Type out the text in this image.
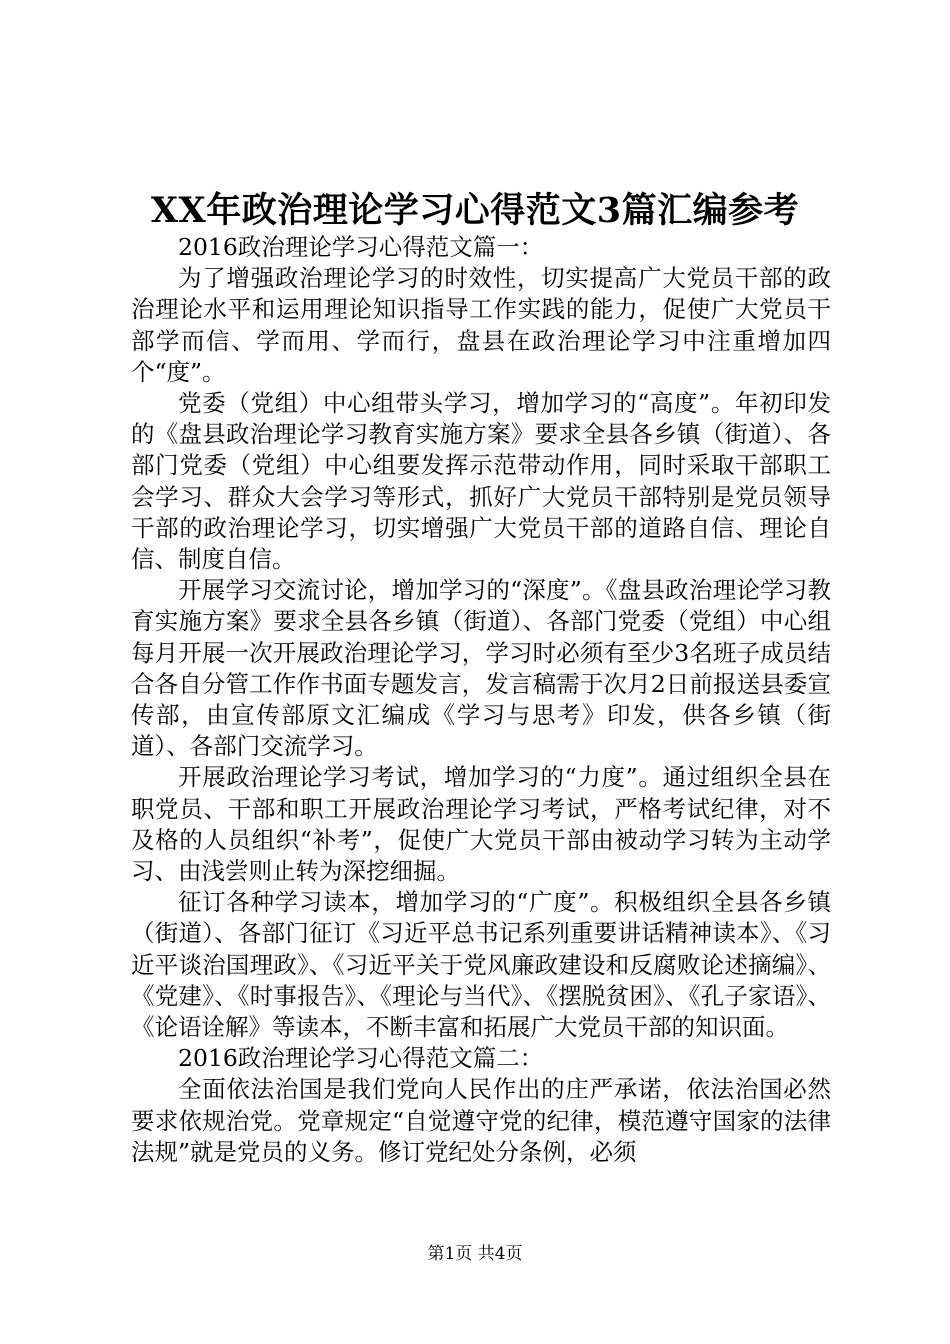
XX年政治理论学习心得范文3篇汇编参考

2016政治理论学习心得范文篇一：

为了增强政治理论学习的时效性，切实提高广大党员干部的政治理论水平和运用理论知识指导工作实践的能力，促使广大党员干部学而信、学而用、学而行，盘县在政治理论学习中注重增加四个“度”。

党委（党组）中心组带头学习，增加学习的“高度”。年初印发的《盘县政治理论学习教育实施方案》要求全县各乡镇（街道）、各部门党委（党组）中心组要发挥示范带动作用，同时采取干部职工会学习、群众大会学习等形式，抓好广大党员干部特别是党员领导干部的政治理论学习，切实增强广大党员干部的道路自信、理论自信、制度自信。

开展学习交流讨论，增加学习的“深度”。《盘县政治理论学习教育实施方案》要求全县各乡镇（街道）、各部门党委（党组）中心组每月开展一次开展政治理论学习，学习时必须有至少3名班子成员结合各自分管工作作书面专题发言，发言稿需于次月2日前报送县委宣传部，由宣传部原文汇编成《学习与思考》印发，供各乡镇（街道）、各部门交流学习。

开展政治理论学习考试，增加学习的“力度”。通过组织全县在职党员、干部和职工开展政治理论学习考试，严格考试纪律，对不及格的人员组织“补考”，促使广大党员干部由被动学习转为主动学习、由浅尝则止转为深挖细掘。

征订各种学习读本，增加学习的“广度”。积极组织全县各乡镇（街道）、各部门征订《习近平总书记系列重要讲话精神读本》、《习近平谈治国理政》、《习近平关于党风廉政建设和反腐败论述摘编》、《党建》、《时事报告》、《理论与当代》、《摆脱贫困》、《孔子家语》、《论语诠解》等读本，不断丰富和拓展广大党员干部的知识面。

2016政治理论学习心得范文篇二：

全面依法治国是我们党向人民作出的庄严承诺，依法治国必然要求依规治党。党章规定“自觉遵守党的纪律，模范遵守国家的法律法规”就是党员的义务。修订党纪处分条例，必须

第1页 共4页
